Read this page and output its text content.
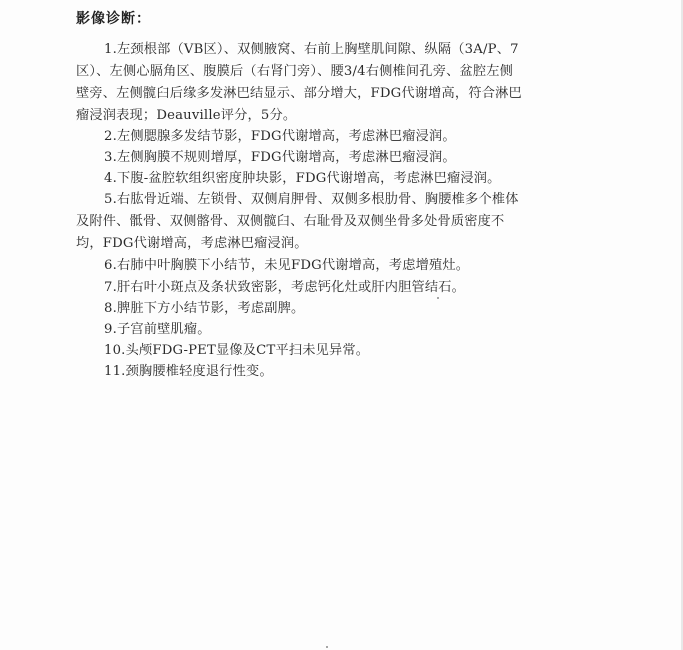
影像诊断：
1.左颈根部（VB区）、双侧腋窝、右前上胸壁肌间隙、纵隔（3A/P、7
区）、左侧心膈角区、腹膜后（右肾门旁）、腰3/4右侧椎间孔旁、盆腔左侧
壁旁、左侧髋臼后缘多发淋巴结显示、部分增大，FDG代谢增高，符合淋巴
瘤浸润表现；Deauville评分，5分。
2.左侧腮腺多发结节影，FDG代谢增高，考虑淋巴瘤浸润。
3.左侧胸膜不规则增厚，FDG代谢增高，考虑淋巴瘤浸润。
4.下腹-盆腔软组织密度肿块影，FDG代谢增高，考虑淋巴瘤浸润。
5.右肱骨近端、左锁骨、双侧肩胛骨、双侧多根肋骨、胸腰椎多个椎体
及附件、骶骨、双侧髂骨、双侧髋臼、右耻骨及双侧坐骨多处骨质密度不
均，FDG代谢增高，考虑淋巴瘤浸润。
6.右肺中叶胸膜下小结节，未见FDG代谢增高，考虑增殖灶。
7.肝右叶小斑点及条状致密影，考虑钙化灶或肝内胆管结石。
8.脾脏下方小结节影，考虑副脾。
9.子宫前壁肌瘤。
10.头颅FDG-PET显像及CT平扫未见异常。
11.颈胸腰椎轻度退行性变。
